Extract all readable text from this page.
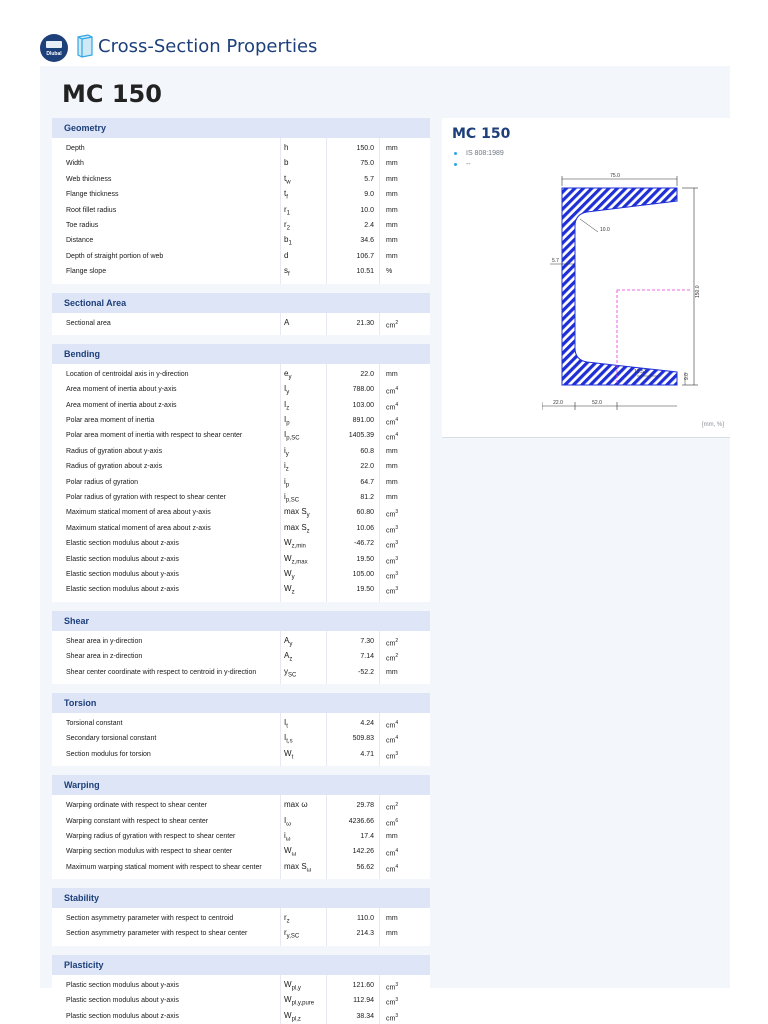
Dlubal Cross-Section Properties
MC 150
Geometry
Depth	h	150.0 mm
Width	b	75.0 mm
Web thickness	$t_w$	5.7 mm
Flange thickness	$t_f$	9.0 mm
Root fillet radius	$r_1$	10.0 mm
Toe radius	$r_2$	2.4 mm
Distance	$b_1$	34.6 mm
Depth of straight portion of web	d	106.7 mm
Flange slope	$s_f$	10.51 %
Sectional Area
Sectional area	A	21.30 $cm^2$
Bending
Location of centroidal axis in y-direction	$e_y$	22.0 mm
Area moment of inertia about y-axis	$I_y$	788.00 $cm^4$
Area moment of inertia about z-axis	$I_z$	103.00 $cm^4$
Polar area moment of inertia	$I_p$	891.00 $cm^4$
Polar area moment of inertia with respect to shear center	$I_{p,SC}$	1405.39 $cm^4$
Radius of gyration about y-axis	$i_y$	60.8 mm
Radius of gyration about z-axis	$i_z$	22.0 mm
Polar radius of gyration	$i_p$	64.7 mm
Polar radius of gyration with respect to shear center	$i_{p,SC}$	81.2 mm
Maximum statical moment of area about y-axis	$\max S_y$	60.80 $cm^3$
Maximum statical moment of area about z-axis	$\max S_z$	10.06 $cm^3$
Elastic section modulus about z-axis	$W_{z,min}$	-46.72 $cm^3$
Elastic section modulus about z-axis	$W_{z,max}$	19.50 $cm^3$
Elastic section modulus about y-axis	$W_y$	105.00 $cm^3$
Elastic section modulus about z-axis	$W_z$	19.50 $cm^3$
Shear
Shear area in y-direction	$A_y$	7.30 $cm^2$
Shear area in z-direction	$A_z$	7.14 $cm^2$
Shear center coordinate with respect to centroid in y-direction	$y_{SC}$	-52.2 mm
Torsion
Torsional constant	$I_t$	4.24 $cm^4$
Secondary torsional constant	$I_{t,s}$	509.83 $cm^4$
Section modulus for torsion	$W_t$	4.71 $cm^3$
Warping
Warping ordinate with respect to shear center	max ω	29.78 $cm^2$
Warping constant with respect to shear center	$I_\omega$	4236.66 $cm^6$
Warping radius of gyration with respect to shear center	$i_\omega$	17.4 mm
Warping section modulus with respect to shear center	$W_\omega$	142.26 $cm^4$
Maximum warping statical moment with respect to shear center	$\max S_\omega$	56.62 $cm^4$
Stability
Section asymmetry parameter with respect to centroid	$r_z$	110.0 mm
Section asymmetry parameter with respect to shear center	$r_{y,SC}$	214.3 mm
Plasticity
Plastic section modulus about y-axis	$W_{pl,y}$	121.60 $cm^3$
Plastic section modulus about y-axis	$W_{pl,y,pure}$	112.94 $cm^3$
Plastic section modulus about z-axis	$W_{pl,z}$	38.34 $cm^3$
MC 150
IS 808:1989
--
75.0
150.0
10.0
5.7
9.0
10.51
22.0	52.0
[mm, %]
